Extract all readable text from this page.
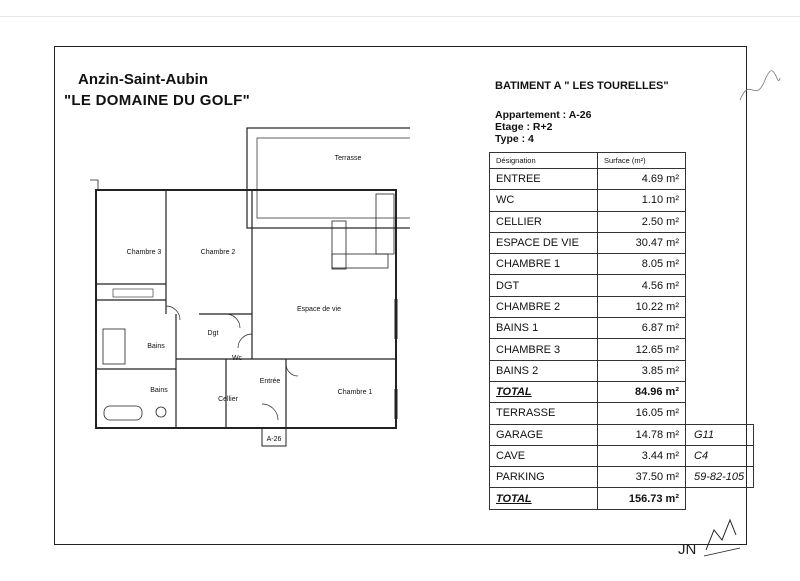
Anzin-Saint-Aubin
"LE DOMAINE DU GOLF"
BATIMENT A " LES TOURELLES"
Appartement : A-26
Etage : R+2
Type : 4
Terrasse
Chambre 3	Chambre 2
Espace de vie
Dgt
Wc
Bains
Bains
Entrée
Cellier
Chambre 1
A-26
Désignation	Surface (m²)	
ENTREE	4.69 m²	
WC	1.10 m²	
CELLIER	2.50 m²	
ESPACE DE VIE	30.47 m²	
CHAMBRE 1	8.05 m²	
DGT	4.56 m²	
CHAMBRE 2	10.22 m²	
BAINS 1	6.87 m²	
CHAMBRE 3	12.65 m²	
BAINS 2	3.85 m²	
TOTAL	84.96 m²	
TERRASSE	16.05 m²	
GARAGE	14.78 m²	G11
CAVE	3.44 m²	C4
PARKING	37.50 m²	59-82-105
TOTAL	156.73 m²	
JN
